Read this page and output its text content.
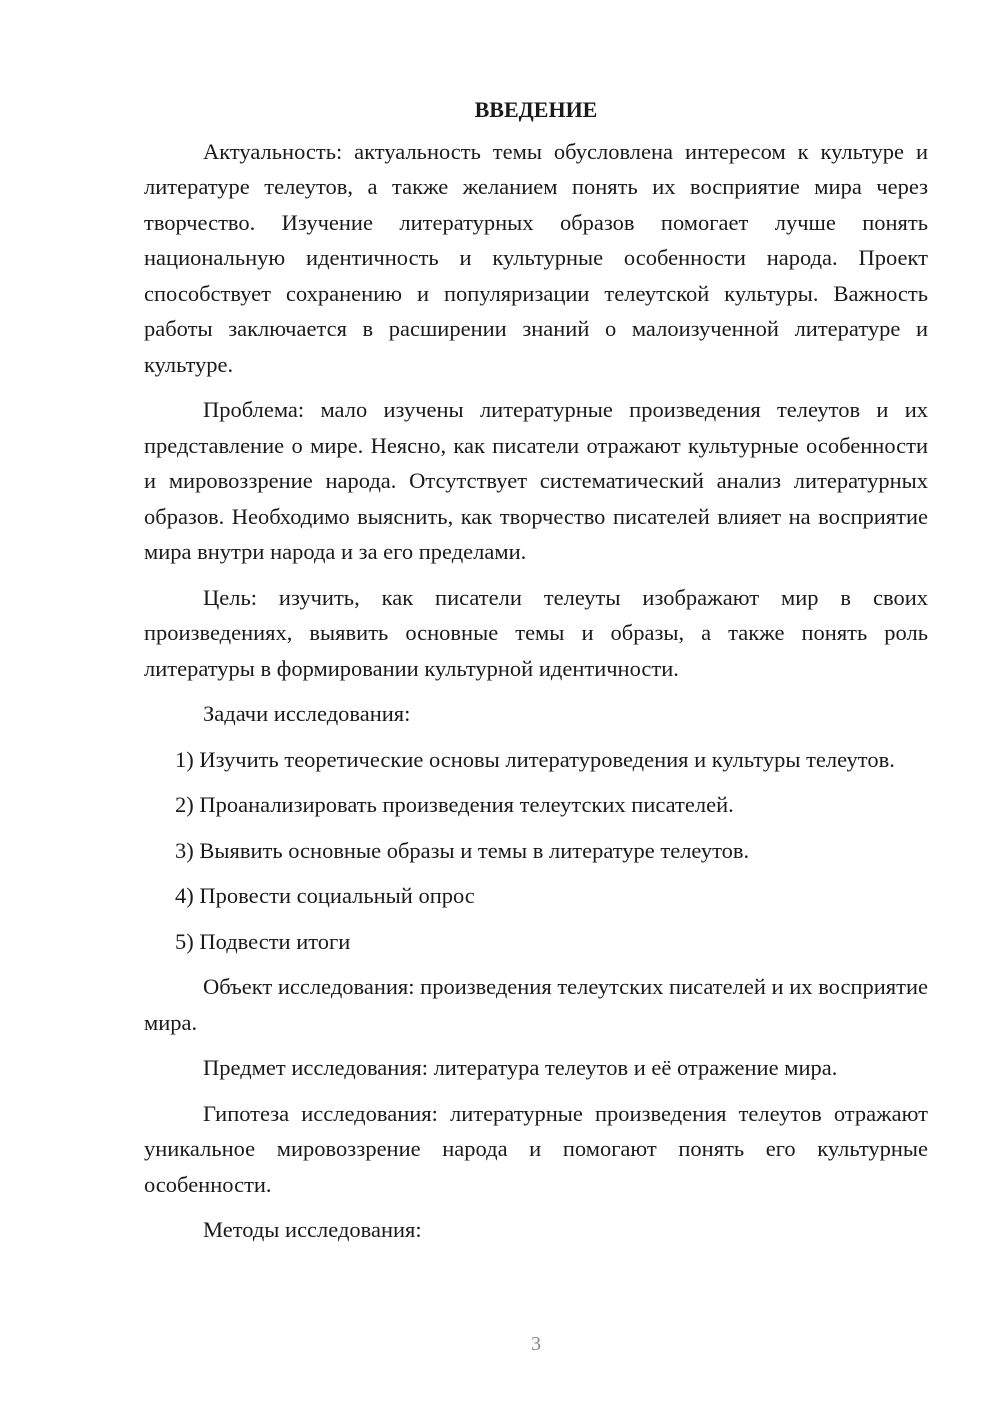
ВВЕДЕНИЕ

Актуальность: актуальность темы обусловлена интересом к культуре и литературе телеутов, а также желанием понять их восприятие мира через творчество. Изучение литературных образов помогает лучше понять национальную идентичность и культурные особенности народа. Проект способствует сохранению и популяризации телеутской культуры. Важность работы заключается в расширении знаний о малоизученной литературе и культуре.

Проблема: мало изучены литературные произведения телеутов и их представление о мире. Неясно, как писатели отражают культурные особенности и мировоззрение народа. Отсутствует систематический анализ литературных образов. Необходимо выяснить, как творчество писателей влияет на восприятие мира внутри народа и за его пределами.

Цель: изучить, как писатели телеуты изображают мир в своих произведениях, выявить основные темы и образы, а также понять роль литературы в формировании культурной идентичности.

Задачи исследования:

1) Изучить теоретические основы литературоведения и культуры телеутов.

2) Проанализировать произведения телеутских писателей.

3) Выявить основные образы и темы в литературе телеутов.

4) Провести социальный опрос

5) Подвести итоги

Объект исследования: произведения телеутских писателей и их восприятие мира.

Предмет исследования: литература телеутов и её отражение мира.

Гипотеза исследования: литературные произведения телеутов отражают уникальное мировоззрение народа и помогают понять его культурные особенности.

Методы исследования:

3
